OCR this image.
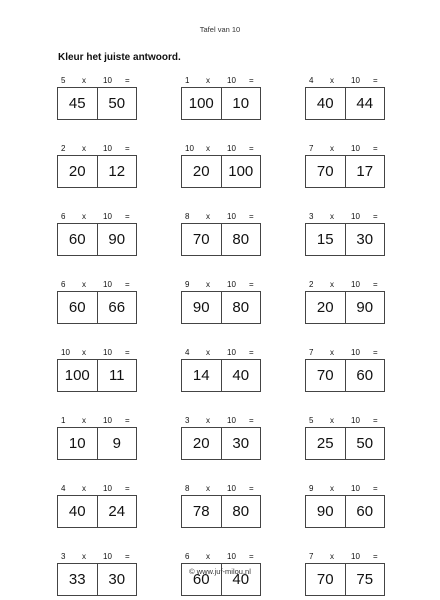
Tafel van 10
Kleur het juiste antwoord.
5	x	10	=
45	50
1	x	10	=
100	10
4	x	10	=
40	44
2	x	10	=
20	12
10	x	10	=
20	100
7	x	10	=
70	17
6	x	10	=
60	90
8	x	10	=
70	80
3	x	10	=
15	30
6	x	10	=
60	66
9	x	10	=
90	80
2	x	10	=
20	90
10	x	10	=
100	11
4	x	10	=
14	40
7	x	10	=
70	60
1	x	10	=
10	9
3	x	10	=
20	30
5	x	10	=
25	50
4	x	10	=
40	24
8	x	10	=
78	80
9	x	10	=
90	60
3	x	10	=
33	30
6	x	10	=
60	40
7	x	10	=
70	75
© www.juf-milou.nl
